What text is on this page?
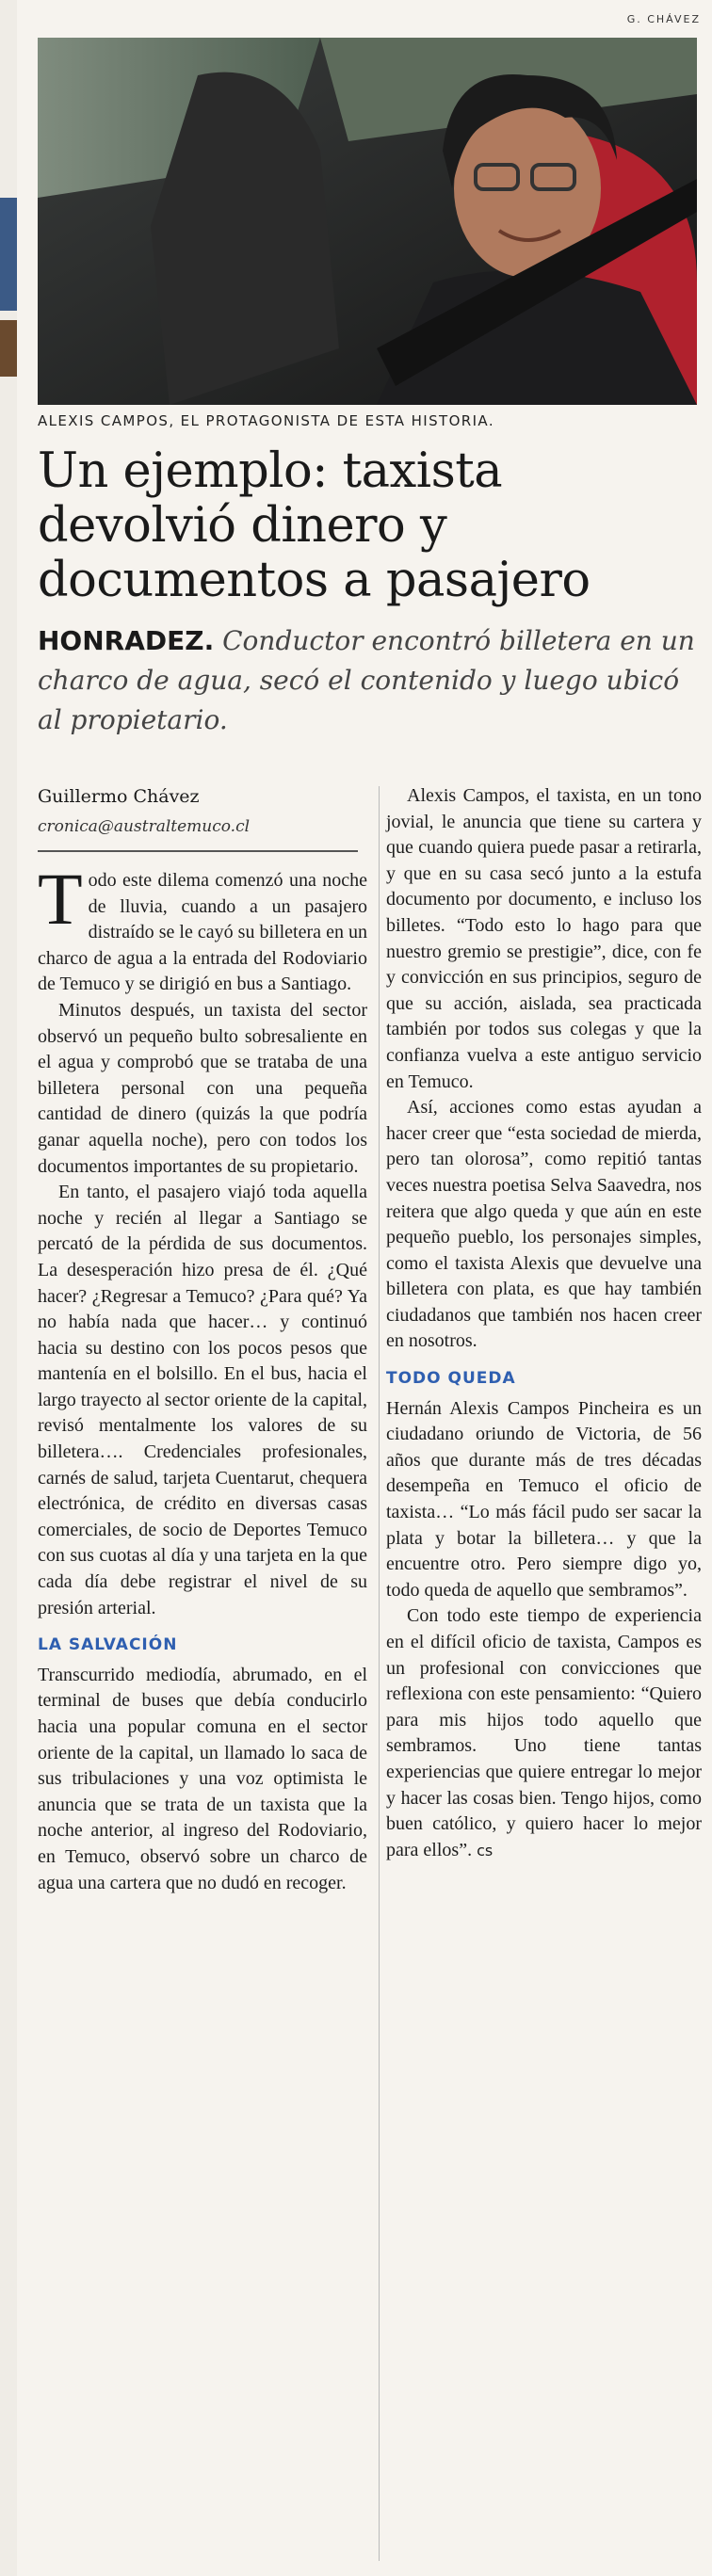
G. CHÁVEZ
ALEXIS CAMPOS, EL PROTAGONISTA DE ESTA HISTORIA.
Un ejemplo: taxista devolvió dinero y documentos a pasajero
HONRADEZ. Conductor encontró billetera en un charco de agua, secó el contenido y luego ubicó al propietario.
Guillermo Chávez
cronica@australtemuco.cl

Todo este dilema comenzó una noche de lluvia, cuando a un pasajero distraído se le cayó su billetera en un charco de agua a la entrada del Rodoviario de Temuco y se dirigió en bus a Santiago.

Minutos después, un taxista del sector observó un pequeño bulto sobresaliente en el agua y comprobó que se trataba de una billetera personal con una pequeña cantidad de dinero (quizás la que podría ganar aquella noche), pero con todos los documentos importantes de su propietario.

En tanto, el pasajero viajó toda aquella noche y recién al llegar a Santiago se percató de la pérdida de sus documentos. La desesperación hizo presa de él. ¿Qué hacer? ¿Regresar a Temuco? ¿Para qué? Ya no había nada que hacer… y continuó hacia su destino con los pocos pesos que mantenía en el bolsillo. En el bus, hacia el largo trayecto al sector oriente de la capital, revisó mentalmente los valores de su billetera…. Credenciales profesionales, carnés de salud, tarjeta Cuentarut, chequera electrónica, de crédito en diversas casas comerciales, de socio de Deportes Temuco con sus cuotas al día y una tarjeta en la que cada día debe registrar el nivel de su presión arterial.

LA SALVACIÓN

Transcurrido mediodía, abrumado, en el terminal de buses que debía conducirlo hacia una popular comuna en el sector oriente de la capital, un llamado lo saca de sus tribulaciones y una voz optimista le anuncia que se trata de un taxista que la noche anterior, al ingreso del Rodoviario, en Temuco, observó sobre un charco de agua una cartera que no dudó en recoger.

Alexis Campos, el taxista, en un tono jovial, le anuncia que tiene su cartera y que cuando quiera puede pasar a retirarla, y que en su casa secó junto a la estufa documento por documento, e incluso los billetes. “Todo esto lo hago para que nuestro gremio se prestigie”, dice, con fe y convicción en sus principios, seguro de que su acción, aislada, sea practicada también por todos sus colegas y que la confianza vuelva a este antiguo servicio en Temuco.

Así, acciones como estas ayudan a hacer creer que “esta sociedad de mierda, pero tan olorosa”, como repitió tantas veces nuestra poetisa Selva Saavedra, nos reitera que algo queda y que aún en este pequeño pueblo, los personajes simples, como el taxista Alexis que devuelve una billetera con plata, es que hay también ciudadanos que también nos hacen creer en nosotros.

TODO QUEDA

Hernán Alexis Campos Pincheira es un ciudadano oriundo de Victoria, de 56 años que durante más de tres décadas desempeña en Temuco el oficio de taxista… “Lo más fácil pudo ser sacar la plata y botar la billetera… y que la encuentre otro. Pero siempre digo yo, todo queda de aquello que sembramos”.

Con todo este tiempo de experiencia en el difícil oficio de taxista, Campos es un profesional con convicciones que reflexiona con este pensamiento: “Quiero para mis hijos todo aquello que sembramos. Uno tiene tantas experiencias que quiere entregar lo mejor y hacer las cosas bien. Tengo hijos, como buen católico, y quiero hacer lo mejor para ellos”. cs
